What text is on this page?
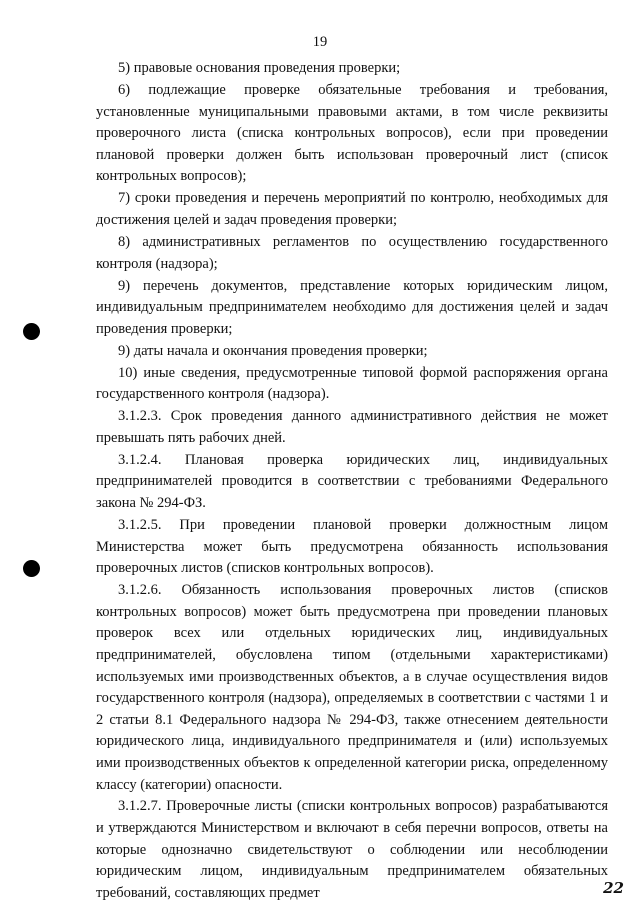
19

5) правовые основания проведения проверки;

6) подлежащие проверке обязательные требования и требования, установленные муниципальными правовыми актами, в том числе реквизиты проверочного листа (списка контрольных вопросов), если при проведении плановой проверки должен быть использован проверочный лист (список контрольных вопросов);

7) сроки проведения и перечень мероприятий по контролю, необходимых для достижения целей и задач проведения проверки;

8) административных регламентов по осуществлению государственного контроля (надзора);

9) перечень документов, представление которых юридическим лицом, индивидуальным предпринимателем необходимо для достижения целей и задач проведения проверки;

9) даты начала и окончания проведения проверки;

10) иные сведения, предусмотренные типовой формой распоряжения органа государственного контроля (надзора).

3.1.2.3. Срок проведения данного административного действия не может превышать пять рабочих дней.

3.1.2.4. Плановая проверка юридических лиц, индивидуальных предпринимателей проводится в соответствии с требованиями Федерального закона № 294-ФЗ.

3.1.2.5. При проведении плановой проверки должностным лицом Министерства может быть предусмотрена обязанность использования проверочных листов (списков контрольных вопросов).

3.1.2.6. Обязанность использования проверочных листов (списков контрольных вопросов) может быть предусмотрена при проведении плановых проверок всех или отдельных юридических лиц, индивидуальных предпринимателей, обусловлена типом (отдельными характеристиками) используемых ими производственных объектов, а в случае осуществления видов государственного контроля (надзора), определяемых в соответствии с частями 1 и 2 статьи 8.1 Федерального надзора № 294-ФЗ, также отнесением деятельности юридического лица, индивидуального предпринимателя и (или) используемых ими производственных объектов к определенной категории риска, определенному классу (категории) опасности.

3.1.2.7. Проверочные листы (списки контрольных вопросов) разрабатываются и утверждаются Министерством и включают в себя перечни вопросов, ответы на которые однозначно свидетельствуют о соблюдении или несоблюдении юридическим лицом, индивидуальным предпринимателем обязательных требований, составляющих предмет	22
